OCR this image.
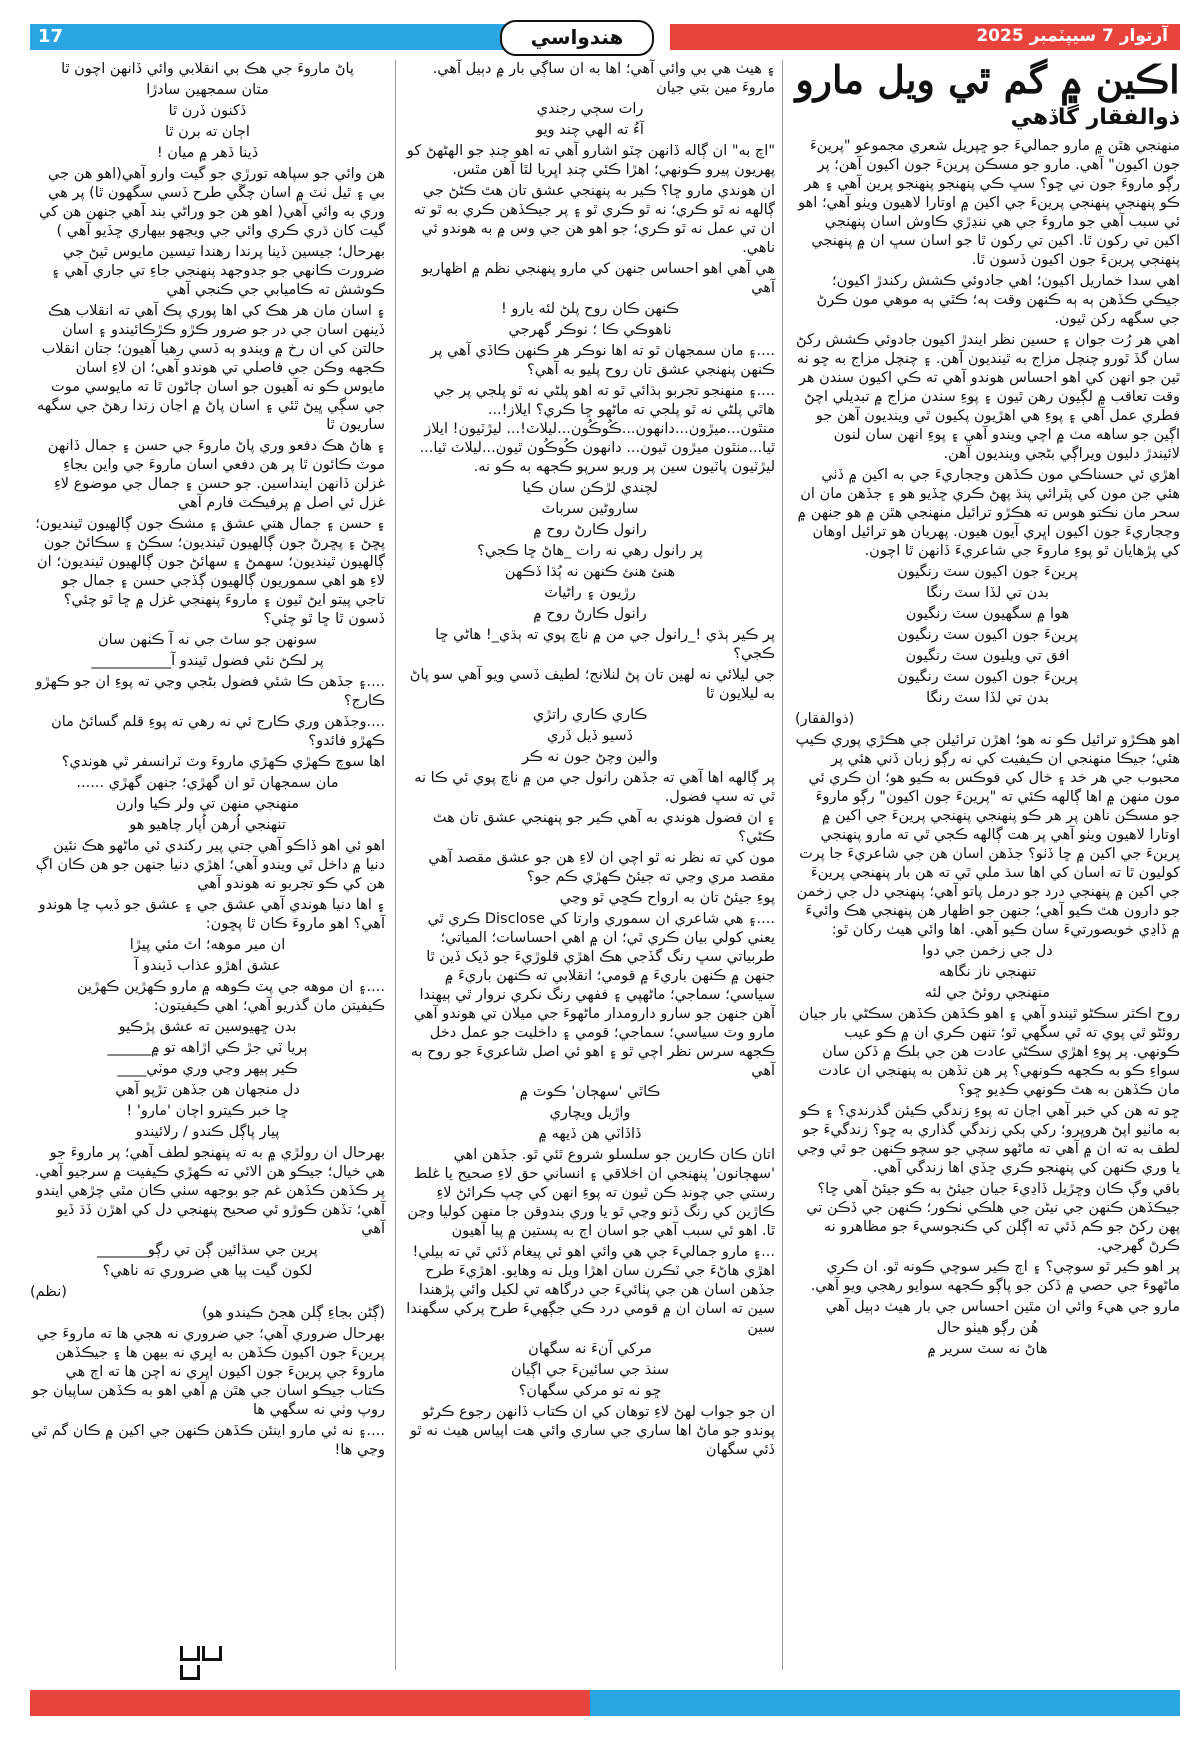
17	آرتوار 7 سيپٽمبر 2025
هندواسي
اڪين ۾ گم ٿي ويل مارو
ذوالفقار گاڏهي

منهنجي هٿن ۾ مارو جماليءَ جو ڇپريل شعري مجموعو "پرينءَ جون اکيون" آهي. مارو جو مسڪن پرينءَ جون اکيون آهن؛ پر رڳو ماروءَ جون ني ڇو؟ سڀ ڪي پنهنجو پنهنجو پرين آهي ۽ هر ڪو پنهنجي پنهنجي پرينءَ جي اکين ۾ اوتارا لاهيون ويٺو آهي؛ اهو ئي سبب آهي جو ماروءَ جي هي ننڍڙي ڪاوش اسان پنهنجي اکين تي رکون ٿا. اکين تي رکون ٿا جو اسان سڀ ان ۾ پنهنجي پنهنجي پرينءَ جون اکيون ڏسون ٿا.

اهي سدا خماريل اکيون؛ اهي جادوئي ڪشش رکندڙ اکيون؛ جيڪي ڪڏهن ٻه ٻه ڪنهن وقت ٻه؛ ڪٿي ٻه موهي مون ڪرڻ جي سگهه رکن ٿيون.

اهي هر رُت جوان ۽ حسين نظر ايندڙ اکيون جادوئي ڪشش رکڻ سان گڏ ٿورو چنچل مزاج به ٿينديون آهن. ۽ چنچل مزاج به ڇو نه ٿين جو انهن کي اهو احساس هوندو آهي ته ڪي اکيون سندن هر وقت تعاقب ۾ لڳيون رهن ٿيون ۽ پوءِ سندن مزاج ۾ تبديلي اچڻ فطري عمل آهي ۽ پوءِ هي اهڙيون پکيون ٿي وينديون آهن جو اڳين جو ساهه مٺ ۾ اچي ويندو آهي ۽ پوءِ انهن سان لنون لائيندڙ دليون ويراڳي بڻجي وينديون آهن.

اهڙي ئي حسناڪي مون ڪڏهن وڃجاريءَ جي به اکين ۾ ڏٺي هئي جن مون کي پٿرائي پنڌ پهڻ ڪري ڇڏيو هو ۽ جڏهن مان ان سحر مان نڪتو هوس ته هڪڙو ترائيل منهنجي هٿن ۾ هو جنهن ۾ وڃجاريءَ جون اکيون اڀري آيون هيون. پهريان هو ترائيل اوهان کي پڙهايان ٿو پوءِ ماروءَ جي شاعريءَ ڏانهن ٿا اچون.

پرينءَ جون اکيون سٽ رنگيون

بدن تي لڏا سٽ رنگا

هوا ۾ سگهيون سٽ رنگيون

پرينءَ جون اکيون سٽ رنگيون

افق تي ويليون سٽ رنگيون

پرينءَ جون اکيون سٽ رنگيون

بدن تي لڏا سٽ رنگا

(ذوالفقار)

اهو هڪڙو ترائيل ڪو نه هو؛ اهڙن ترائيلن جي هڪڙي پوري ڪيپ هئي؛ جيڪا منهنجي ان ڪيفيت کي نه رڳو زبان ڏني هئي پر محبوب جي هر خد ۽ خال کي فوڪس به ڪيو هو؛ ان ڪري ئي مون منهن ۾ اها ڳالهه ڪئي ته "پرينءَ جون اکيون" رڳو ماروءَ جو مسڪن ناهن پر هر ڪو پنهنجي پنهنجي پرينءَ جي اکين ۾ اوتارا لاهيون ويٺو آهي پر هت ڳالهه ڪجي ٿي ته مارو پنهنجي پرينءَ جي اکين ۾ ڇا ڏٺو؟ جڏهن اسان هن جي شاعريءَ جا پرت کوليون ٿا ته اسان کي اها سڌ ملي ٿي ته هن بار پنهنجي پرينءَ جي اکين ۾ پنهنجي درد جو درمل پاتو آهي؛ پنهنجي دل جي زخمن جو دارون هٿ ڪيو آهي؛ جنهن جو اظهار هن پنهنجي هڪ وائيءَ ۾ ڏاڍي خوبصورتيءَ سان ڪيو آهي. اها وائي هيٺ رکان ٿو:

دل جي زخمن جي دوا

تنهنجي ناز نگاهه

منهنجي روئڻ جي لئه

روح اڪثر سڪڻو ٿيندو آهي ۽ اهو ڪڏهن ڪڏهن سڪڻي بار جيان روئڻو ٿي پوي ته ٿي سگهي ٿو؛ تنهن ڪري ان ۾ ڪو عيب ڪونهي. پر پوءِ اهڙي سڪڻي عادت هن جي بلڪ ۾ ڏکن سان سواءِ ڪو به ڪجهه ڪونهي؟ پر هن تڏهن به پنهنجي ان عادت مان ڪڏهن به هٿ ڪونهي ڪڍيو ڇو؟

ڇو ته هن کي خبر آهي اڃان ته پوءِ زندگي ڪيئن گذرندي؟ ۽ ڪو به ماٺيو اپڻ هروڀرو؛ رکي ٻکي زندگي گذاري به ڇو؟ زندگيءَ جو لطف به ته ان ۾ آهي ته ماڻهو سچي جو سچو ڪنهن جو ٿي وڃي يا وري ڪنهن کي پنهنجو ڪري ڇڏي اها زندگي آهي.

باقي وڳ ڪان وڇڙيل ڏاڍيءَ جيان جيئڻ به ڪو جيئڻ آهي ڇا؟ جيڪڏهن ڪنهن جي نيڻن جي هلڪي ٺڪور؛ ڪنهن جي ڏڪن تي پهن رکڻ جو ڪم ڏئي ته اڳلن کي ڪنجوسيءَ جو مظاهرو نه ڪرڻ گهرجي.

پر اهو ڪير ٿو سوچي؟ ۽ اڄ ڪير سوچي ڪونه ٿو. ان ڪري ماڻهوءَ جي حصي ۾ ڏکن جو پاڳو ڪجهه سوايو رهجي ويو آهي.

مارو جي هيءَ وائي ان مٿين احساس جي بار هيٺ دٻيل آهي

هُن رڳو هيٺو حال

هاڻ نه سٽ سرير ۾

۽ هيٺ هي بي وائي آهي؛ اها به ان ساڳي بار ۾ دٻيل آهي. ماروءَ مين بتي جيان

رات سڄي رجندي

آءُ ته الهي چند ويو

"اچ به" ان ڳاله ڏانهن چٽو اشارو آهي ته اهو چنڊ جو الهڻهڻ کو پهريون پيرو ڪونهي؛ اهڙا ڪئي چنڊ اڀريا لٿا آهن مٿس.

ان هوندي مارو ڇا؟ ڪير به پنهنجي عشق تان هٿ ڪڻڻ جي ڳالهه نه ٿو ڪري؛ نه ٿو ڪري ٿو ۽ پر جيڪڏهن ڪري به ٿو ته ان تي عمل نه ٿو ڪري؛ جو اهو هن جي وس ۾ به هوندو ئي ناهي.

هي آهي اهو احساس جنهن کي مارو پنهنجي نظم ۾ اظهاريو آهي

ڪنهن ڪان روح پلڻ لئه يارو !

ناهوڪي ڪا ؛ نوڪر گهرجي

....۽ مان سمجهان ٿو ته اها نوڪر هر ڪنهن ڪاڏي آهي پر ڪنهن پنهنجي عشق تان روح پليو به آهي؟

....۽ منهنجو تجربو ٻڌائي ٿو ته اهو پلڻي نه ٿو پلجي پر جي هاٿي پلڻي نه ٿو پلجي ته ماڻهو ڇا ڪري؟ ايلاز!... منٿون...ميڙون...دانهون...ڪُوڪُون...ليلاٽ!... ليڙٽيون! ايلاز ٿيا...منٿون ميڙون ٿيون... دانهون ڪُوڪُون ٿيون...ليلاٽ ٿيا... ليڙٽيون پاٽيون سين پر وريو سرپو ڪجهه به ڪو نه.

لچندي لڙڪن سان ڪيا

ساروڻين سرباٽ

رانول ڪارڻ روح ۾

پر رانول رهي نه رات _هاڻ ڇا ڪجي؟

هنئ هنئ ڪنهن نه ٻُڌا ڏڪهن

رڙيون ۽ راڻياٽ

رانول ڪارڻ روح ۾

پر ڪير ٻڌي !_رانول جي من ۾ ناچ پوي ته ٻڌي_! هاڻي ڇا ڪجي؟

جي ليلائي نه لهين تان پڻ لنلانج؛ لطيف ڏسي ويو آهي سو پاڻ به ليلايون ٿا

ڪاري ڪاري راتڙي

ڏسيو ڏيل ڏري

والين وچڻ جون نه ڪر

پر ڳالهه اها آهي ته جڏهن رانول جي من ۾ ناچ پوي ئي ڪا نه ٿي ته سڀ فضول.

۽ ان فضول هوندي به آهي ڪير جو پنهنجي عشق تان هٿ ڪڻي؟

مون کي ته نظر نه ٿو اچي ان لاءِ هن جو عشق مقصد آهي مقصد مري وڃي ته جيئڻ ڪهڙي ڪم جو؟

پوءِ جيئڻ تان به ارواح ڪڇي ٿو وڃي

....۽ هي شاعري ان سموري وارتا کي Disclose ڪري ٿي يعني کولي بيان ڪري ٿي؛ ان ۾ اهي احساسات؛ المياتي؛ طربياتي سڀ رنگ گڏجي هڪ اهڙي قلوڙيءَ جو ڏيک ڏين ٿا جنهن ۾ ڪنهن باريءَ ۾ قومي؛ انقلابي ته ڪنهن باريءَ ۾ سياسي؛ سماجي؛ ماڻهپي ۽ ففهي رنگ نکري نروار ٿي ٻيهندا آهن جنهن جو سارو دارومدار ماڻهوءَ جي ميلان تي هوندو آهي مارو وٽ سياسي؛ سماجي؛ قومي ۽ داخليت جو عمل دخل ڪجهه سرس نظر اچي ٿو ۽ اهو ئي اصل شاعريءَ جو روح به آهي

ڪاٿي 'سهڄان' ڪوٽ ۾

واڙيل ويچاري

ڏاڏاٽي هن ڏيهه ۾

اتان ڪان ڪارين جو سلسلو شروع ٿئي ٿو. جڏهن اهي 'سهڄانون' پنهنجي ان اخلاقي ۽ انساني حق لاءِ صحيح يا غلط رستي جي چونڊ ڪن ٿيون ته پوءِ انهن کي چپ ڪرائڻ لاءِ ڪاڙين کي رنگ ڏنو وڃي ٿو يا وري بندوقن جا منهن کوليا وڃن ٿا. اهو ئي سبب آهي جو اسان اڄ به پستين ۾ پيا آهيون

...۽ مارو جماليءَ جي هي وائي اهو ئي پيغام ڏئي ٿي ته بيلي! اهڙي هاڻءَ جي ٽڪرن سان اهڙا ويل نه وهايو. اهڙيءَ طرح جڏهن اسان هن جي پٺائيءَ جي درگاهه تي لکيل وائي پڙهندا سين ته اسان ان ۾ قومي درد ڪي جڳهيءَ طرح پرکي سگهندا سين

مرکي آنءَ نه سگهان

سنڌ جي سائينءَ جي اڳيان

ڇو نه تو مرکي سگهان؟

ان جو جواب لهڻ لاءِ توهان کي ان ڪتاب ڏانهن رجوع ڪرڻو پوندو جو ماڻ اها ساري جي ساري وائي هت اپياس هيٺ نه ٿو ڏئي سگهان

پاڻ ماروءَ جي هڪ بي انقلابي وائي ڏانهن اچون ٿا

متان سمجهين سادڙا

ڏکنون ڏرن ٿا

اڄان ته برن ٿا

ڏينا ڏهر ۾ ميان !

هن وائي جو سپاهه تورڙي جو گيت وارو آهي(اهو هن جي بي ۽ ٿيل ٺٽ ۾ اسان چڱي طرح ڏسي سگهون ٿا) پر هي وري به وائي آهي( اهو هن جو وراڻي بند آهي جنهن هن کي گيت کان ڌري ڪري وائي جي ويڃهو بيهاري ڇڏيو آهي )

بهرحال؛ جيسين ڏينا پرندا رهندا تيسين مايوس ٿيڻ جي ضرورت ڪانهي جو جدوجهد پنهنجي جاءِ تي جاري آهي ۽ ڪوشش ته ڪاميابي جي ڪنجي آهي

۽ اسان مان هر هڪ کي اها پوري پڪ آهي ته انقلاب هڪ ڏينهن اسان جي در جو ضرور ڪڙو ڪڙڪائيندو ۽ اسان حالتن کي ان رخ ۾ ويندو ٻه ڏسي رهيا آهيون؛ جتان انقلاب ڪجهه وڪن جي فاصلي تي هوندو آهي؛ ان لاءِ اسان مايوس ڪو نه آهيون جو اسان ڄاڻون ٿا ته مايوسي موت جي سڳي ڀيڻ ٿئي ۽ اسان پاڻ ۾ اڃان زندا رهڻ جي سگهه ساريون ٿا

۽ هاڻ هڪ دفعو وري پاڻ ماروءَ جي حسن ۽ جمال ڏانهن موٽ ڪائون ٿا پر هن دفعي اسان ماروءَ جي واين بجاءِ غزلن ڏانهن اينداسين. جو حسن ۽ جمال جي موضوع لاءِ غزل ئي اصل ۾ پرفيڪٽ فارم آهي

۽ حسن ۽ جمال هتي عشق ۽ مشڪ جون ڳالهيون ٿينديون؛ پڇڻ ۽ پڇرڻ جون ڳالهيون ٿينديون؛ سڪڻ ۽ سڪائڻ جون ڳالهيون ٿينديون؛ سهمڻ ۽ سهائڻ جون ڳالهيون ٿينديون؛ ان لاءِ هو اهي سموريون ڳالهيون ڳڏجي حسن ۽ جمال جو تاجي پيتو ايڻ ٿيون ۽ ماروءَ پنهنجي غزل ۾ ڇا ٿو چئي؟ ڏسون ٿا ڇا ٿو چئي؟

سونهن جو ساٿ جي نه آ ڪنهن سان

پر لڪڻ نئي فضول ٿيندو آ___________

....۽ جڏهن ڪا شئي فضول بڻجي وڃي ته پوءِ ان جو ڪهڙو ڪارج؟

....وجڏهن وري ڪارج ئي نه رهي ته پوءِ قلم گسائڻ مان ڪهڙو فائدو؟

اها سوچ ڪهڙي ڪهڙي ماروءَ وٽ ٽرانسفر ٿي هوندي؟

مان سمجهان ٿو ان گهڙي؛ جنهن گهڙي ......

منهنجي منهن تي ولر ڪيا وارن

تنهنجي اُرهن اُپار چاهيو هو

اهو ئي اهو ڏاڪو آهي جتي پير رکندي ئي ماڻهو هڪ نئين دنيا ۾ داخل ٿي ويندو آهي؛ اهڙي دنيا جنهن جو هن ڪان اڳ هن کي ڪو تجربو نه هوندو آهي

۽ اها دنيا هوندي آهي عشق جي ۽ عشق جو ڏيپ ڇا هوندو آهي؟ اهو ماروءَ ڪان ٿا پڇون:

ان مير موهه؛ اٿ مئي پيڙا

عشق اهڙو عذاب ڏيندو آ

....۽ ان موهه جي پٽ ڪوهه ۾ مارو ڪهڙين ڪهڙين ڪيفيتن مان گذريو آهي؛ اهي ڪيفيتون:

بدن ڇهيوسين ته عشق پڙڪيو

ٻريا ٽي جڙ ڪي اڙاهه تو ۾______

ڪير ٻيهر وڃي وري موٽي____

دل منجهان هن جڏهن تڙپو آهي

ڇا خبر ڪيترو اچان 'مارو' !

پيار پاڳل ڪندو / رلائيندو

بهرحال ان رولڙي ۾ به ته پنهنجو لطف آهي؛ پر ماروءَ جو هي خيال؛ جيڪو هن الائي ته ڪهڙي ڪيفيت ۾ سرجيو آهي. پر ڪڏهن ڪڏهن غم جو بوجهه سٺي ڪان مٿي چڙهي ايندو آهي؛ تڏهن ڪوڙو ئي صحيح پنهنجي دل کي اهڙن ڏڌ ڏيو آهي

پرين جي سڌائين ڳن تي رڳو_______

لکون گيت پيا هي ضروري ته ناهي؟

(نظم)

(ڳڻن بجاءِ ڳلن هجڻ ڪيندو هو)

بهرحال ضروري آهي؛ جي ضروري نه هجي ها ته ماروءَ جي پرينءَ جون اکيون ڪڏهن به اڀري نه بيهن ها ۽ جيڪڏهن ماروءَ جي پرينءَ جون اکيون اڀري نه اچن ها ته اڄ هي ڪتاب جيڪو اسان جي هٿن ۾ آهي اهو به ڪڏهن ساپيان جو روپ وٺي نه سگهي ها

....۽ نه ئي مارو اينئن ڪڏهن ڪنهن جي اکين ۾ ڪان گم ٿي وڃي ها!
